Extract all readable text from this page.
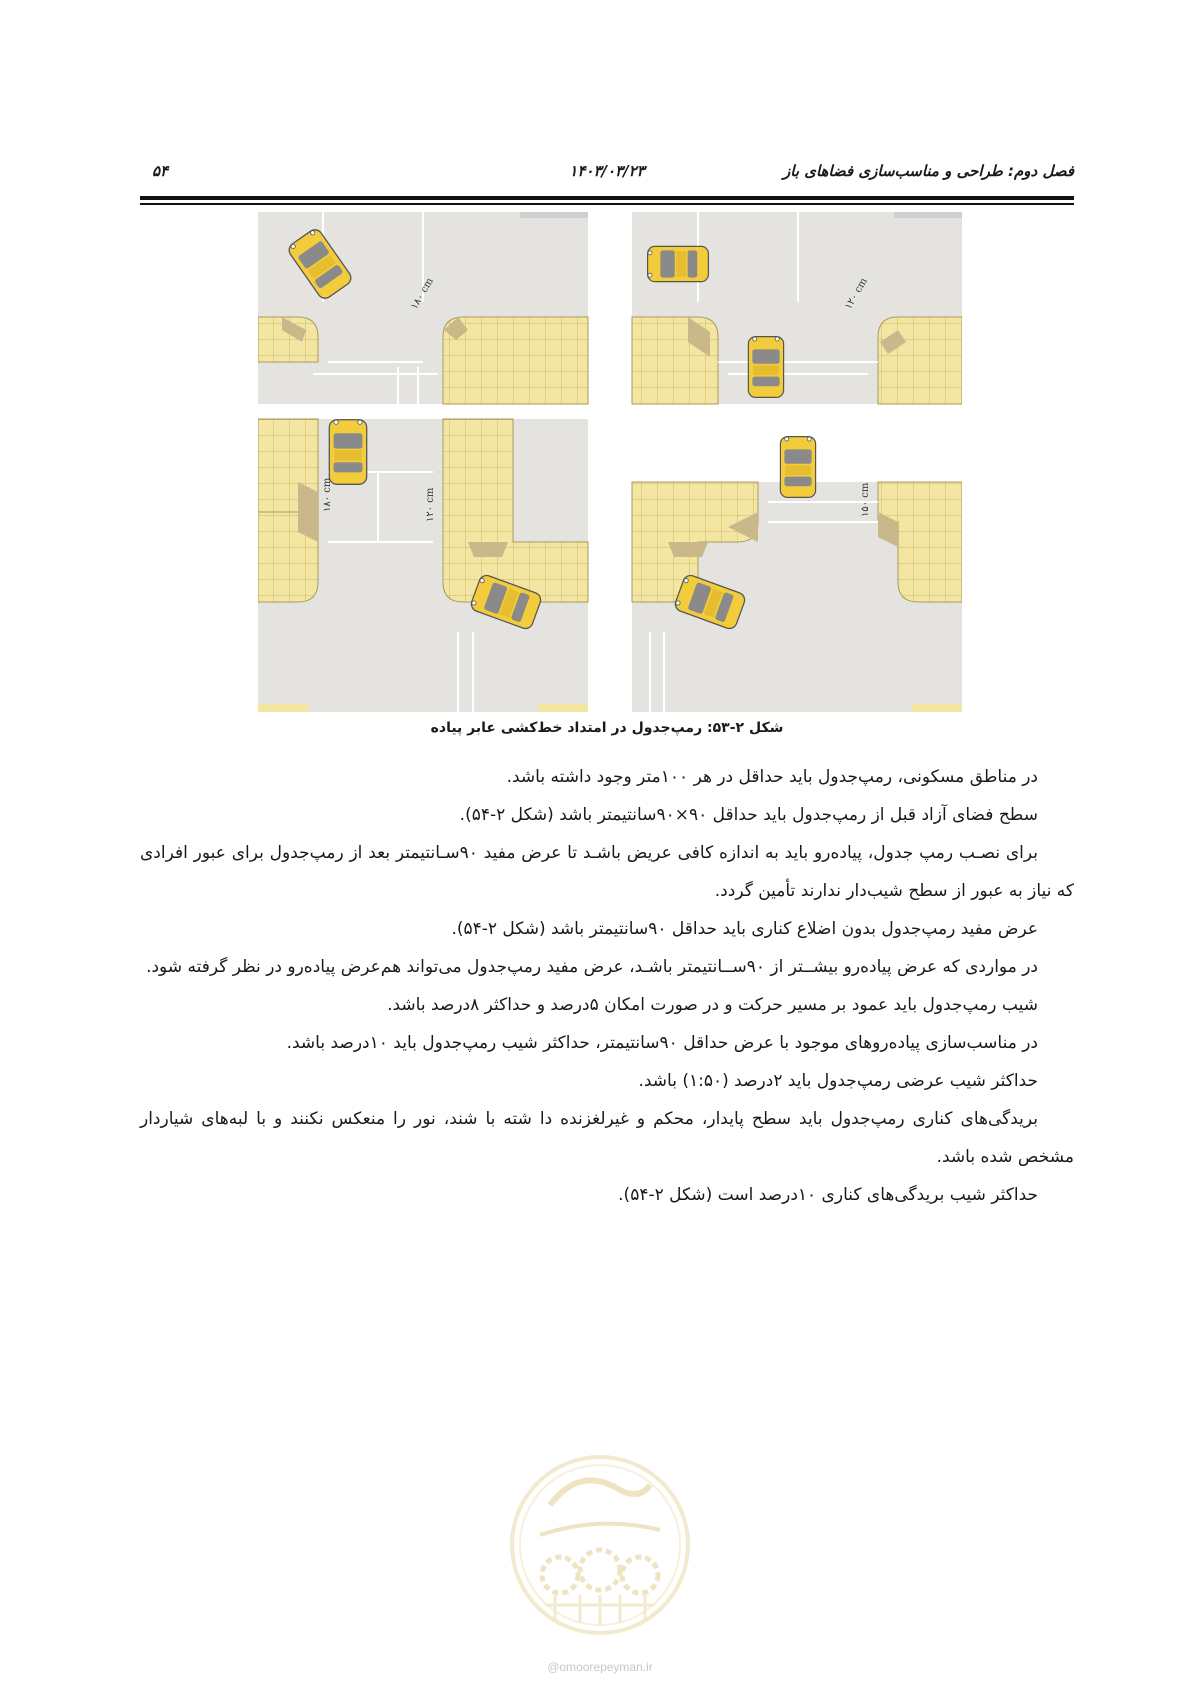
فصل دوم: طراحی و مناسب‌سازی فضاهای باز
۱۴۰۳/۰۳/۲۳
۵۴
۱۸۰ cm	۱۲۰ cm
۱۸۰ cm	۱۲۰ cm	۱۵۰ cm
شکل ۲-۵۳: رمپ‌جدول در امتداد خط‌کشی عابر پیاده

در مناطق مسکونی، رمپ‌جدول باید حداقل در هر ۱۰۰متر وجود داشته باشد.

سطح فضای آزاد قبل از رمپ‌جدول باید حداقل ۹۰×۹۰سانتیمتر باشد (شکل ۲-۵۴).

برای نصـب رمپ جدول، پیاده‌رو باید به اندازه کافی عریض باشـد تا عرض مفید ۹۰سـانتیمتر بعد از رمپ‌جدول برای عبور افرادی که نیاز به عبور از سطح شیب‌دار ندارند تأمین گردد.

عرض مفید رمپ‌جدول بدون اضلاع کناری باید حداقل ۹۰سانتیمتر باشد (شکل ۲-۵۴).

در مواردی که عرض پیاده‌رو بیشــتر از ۹۰ســانتیمتر باشـد، عرض مفید رمپ‌جدول می‌تواند هم‌عرض پیاده‌رو در نظر گرفته شود.

شیب رمپ‌جدول باید عمود بر مسیر حرکت و در صورت امکان ۵درصد و حداکثر ۸درصد باشد.

در مناسب‌سازی پیاده‌روهای موجود با عرض حداقل ۹۰سانتیمتر، حداکثر شیب رمپ‌جدول باید ۱۰درصد باشد.

حداکثر شیب عرضی رمپ‌جدول باید ۲درصد (۱:۵۰) باشد.

بریدگی‌های کناری رمپ‌جدول باید سطح پایدار، محکم و غیرلغزنده دا شته با شند، نور را منعکس نکنند و با لبه‌های شیاردار مشخص شده باشد.

حداکثر شیب بریدگی‌های کناری ۱۰درصد است (شکل ۲-۵۴).

@omoorepeyman.ir
